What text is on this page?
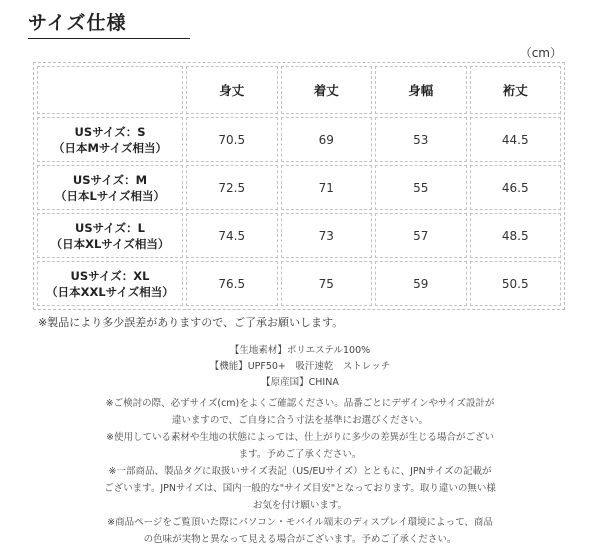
サイズ仕様
（cm）
	身丈	着丈	身幅	裄丈

USサイズ：S
（日本Mサイズ相当）	70.5	69	53	44.5

USサイズ：M
（日本Lサイズ相当）	72.5	71	55	46.5

USサイズ：L
（日本XLサイズ相当）	74.5	73	57	48.5

USサイズ：XL
（日本XXLサイズ相当）	76.5	75	59	50.5
※製品により多少誤差がありますので、ご了承お願いします。
【生地素材】ポリエステル100%
【機能】UPF50+　吸汗速乾　ストレッチ
【原産国】CHINA
※ご検討の際、必ずサイズ(cm)をよくご確認ください。品番ごとにデザインやサイズ設計が
違いますので、ご自身に合う寸法を基準にお選びください。
※使用している素材や生地の状態によっては、仕上がりに多少の差異が生じる場合がござい
ます。予めご了承ください。
※一部商品、製品タグに取扱いサイズ表記（US/EUサイズ）とともに、JPNサイズの記載が
ございます。JPNサイズは、国内一般的な"サイズ目安"となっております。取り違いの無い様
お気を付け願います。
※商品ページをご覧頂いた際にパソコン・モバイル端末のディスプレイ環境によって、商品
の色味が実物と異なって見える場合がございます。予めご了承ください。
